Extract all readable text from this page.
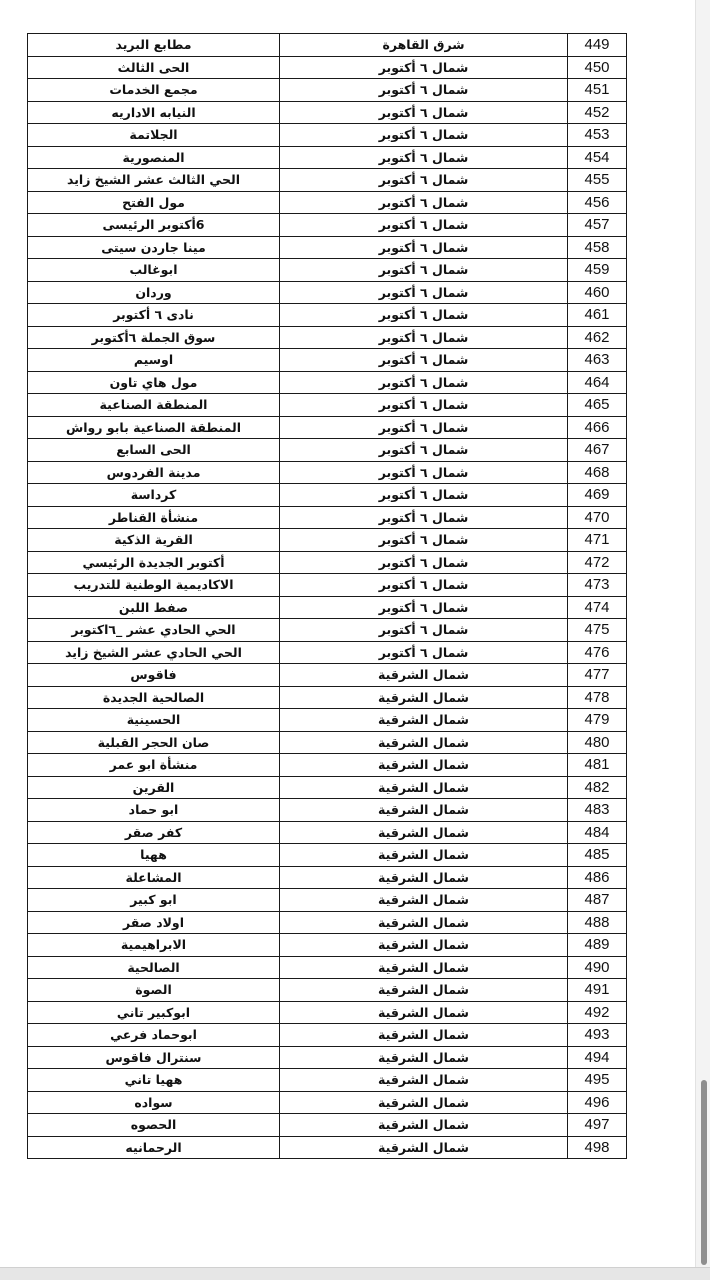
مطابع البريد	شرق القاهرة	449
الحى الثالث	شمال ٦ أكتوبر	450
مجمع الخدمات	شمال ٦ أكتوبر	451
النيابه الاداريه	شمال ٦ أكتوبر	452
الجلاتمة	شمال ٦ أكتوبر	453
المنصورية	شمال ٦ أكتوبر	454
الحي الثالث عشر الشيخ زايد	شمال ٦ أكتوبر	455
مول الفتح	شمال ٦ أكتوبر	456
6أكتوبر الرئيسى	شمال ٦ أكتوبر	457
مينا جاردن سيتى	شمال ٦ أكتوبر	458
ابوغالب	شمال ٦ أكتوبر	459
وردان	شمال ٦ أكتوبر	460
نادى ٦ أكتوبر	شمال ٦ أكتوبر	461
سوق الجملة ٦أكتوبر	شمال ٦ أكتوبر	462
اوسيم	شمال ٦ أكتوبر	463
مول هاي تاون	شمال ٦ أكتوبر	464
المنطقة الصناعية	شمال ٦ أكتوبر	465
المنطقة الصناعية بابو رواش	شمال ٦ أكتوبر	466
الحى السابع	شمال ٦ أكتوبر	467
مدينة الفردوس	شمال ٦ أكتوبر	468
كرداسة	شمال ٦ أكتوبر	469
منشأة القناطر	شمال ٦ أكتوبر	470
القرية الذكية	شمال ٦ أكتوبر	471
أكتوبر الجديدة الرئيسي	شمال ٦ أكتوبر	472
الاكاديمية الوطنية للتدريب	شمال ٦ أكتوبر	473
صفط اللبن	شمال ٦ أكتوبر	474
الحي الحادي عشر _٦اكتوبر	شمال ٦ أكتوبر	475
الحي الحادي عشر الشيخ زايد	شمال ٦ أكتوبر	476
فاقوس	شمال الشرقية	477
الصالحية الجديدة	شمال الشرقية	478
الحسينية	شمال الشرقية	479
صان الحجر القبلية	شمال الشرقية	480
منشأة ابو عمر	شمال الشرقية	481
القرين	شمال الشرقية	482
ابو حماد	شمال الشرقية	483
كفر صقر	شمال الشرقية	484
ههيا	شمال الشرقية	485
المشاعلة	شمال الشرقية	486
ابو كبير	شمال الشرقية	487
اولاد صقر	شمال الشرقية	488
الابراهيمية	شمال الشرقية	489
الصالحية	شمال الشرقية	490
الصوة	شمال الشرقية	491
ابوكبير تاني	شمال الشرقية	492
ابوحماد فرعي	شمال الشرقية	493
سنترال فاقوس	شمال الشرقية	494
ههيا تاني	شمال الشرقية	495
سواده	شمال الشرقية	496
الحصوه	شمال الشرقية	497
الرحمانيه	شمال الشرقية	498
